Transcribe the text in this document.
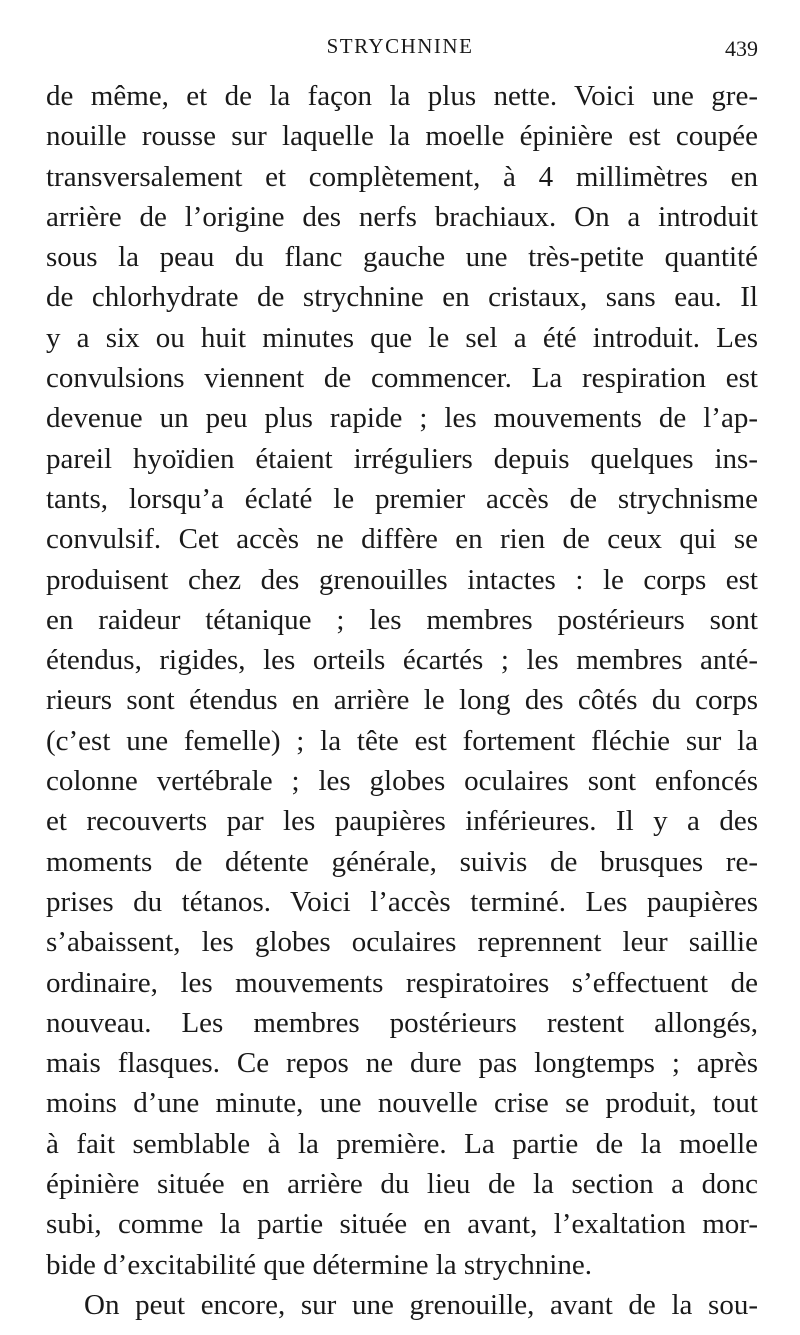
STRYCHNINE	439
de même, et de la façon la plus nette. Voici une gre-
nouille rousse sur laquelle la moelle épinière est coupée
transversalement et complètement, à 4 millimètres en
arrière de l’origine des nerfs brachiaux. On a introduit
sous la peau du flanc gauche une très-petite quantité
de chlorhydrate de strychnine en cristaux, sans eau. Il
y a six ou huit minutes que le sel a été introduit. Les
convulsions viennent de commencer. La respiration est
devenue un peu plus rapide ; les mouvements de l’ap-
pareil hyoïdien étaient irréguliers depuis quelques ins-
tants, lorsqu’a éclaté le premier accès de strychnisme
convulsif. Cet accès ne diffère en rien de ceux qui se
produisent chez des grenouilles intactes : le corps est
en raideur tétanique ; les membres postérieurs sont
étendus, rigides, les orteils écartés ; les membres anté-
rieurs sont étendus en arrière le long des côtés du corps
(c’est une femelle) ; la tête est fortement fléchie sur la
colonne vertébrale ; les globes oculaires sont enfoncés
et recouverts par les paupières inférieures. Il y a des
moments de détente générale, suivis de brusques re-
prises du tétanos. Voici l’accès terminé. Les paupières
s’abaissent, les globes oculaires reprennent leur saillie
ordinaire, les mouvements respiratoires s’effectuent de
nouveau. Les membres postérieurs restent allongés,
mais flasques. Ce repos ne dure pas longtemps ; après
moins d’une minute, une nouvelle crise se produit, tout
à fait semblable à la première. La partie de la moelle
épinière située en arrière du lieu de la section a donc
subi, comme la partie située en avant, l’exaltation mor-
bide d’excitabilité que détermine la strychnine.
On peut encore, sur une grenouille, avant de la sou-
